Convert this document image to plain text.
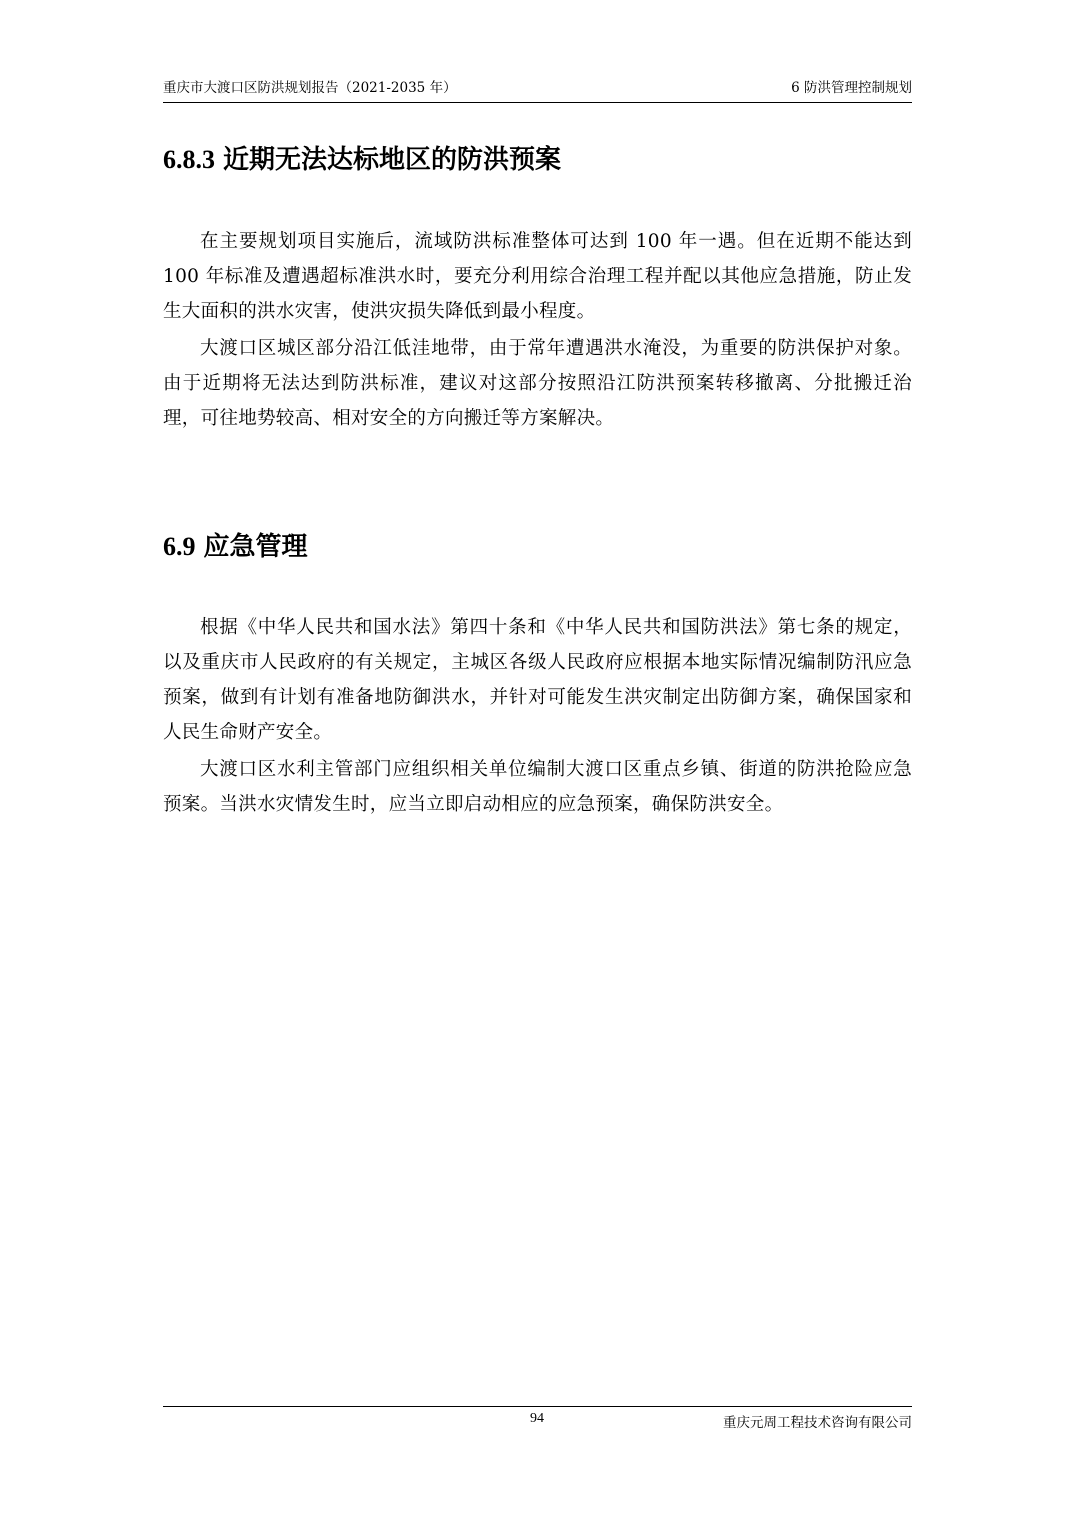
重庆市大渡口区防洪规划报告（2021-2035 年）	6 防洪管理控制规划
6.8.3 近期无法达标地区的防洪预案

在主要规划项目实施后，流域防洪标准整体可达到 100 年一遇。但在近期不能达到 100 年标准及遭遇超标准洪水时，要充分利用综合治理工程并配以其他应急措施，防止发生大面积的洪水灾害，使洪灾损失降低到最小程度。

大渡口区城区部分沿江低洼地带，由于常年遭遇洪水淹没，为重要的防洪保护对象。由于近期将无法达到防洪标准，建议对这部分按照沿江防洪预案转移撤离、分批搬迁治理，可往地势较高、相对安全的方向搬迁等方案解决。

6.9 应急管理

根据《中华人民共和国水法》第四十条和《中华人民共和国防洪法》第七条的规定，以及重庆市人民政府的有关规定，主城区各级人民政府应根据本地实际情况编制防汛应急预案，做到有计划有准备地防御洪水，并针对可能发生洪灾制定出防御方案，确保国家和人民生命财产安全。

大渡口区水利主管部门应组织相关单位编制大渡口区重点乡镇、街道的防洪抢险应急预案。当洪水灾情发生时，应当立即启动相应的应急预案，确保防洪安全。

94	重庆元周工程技术咨询有限公司
